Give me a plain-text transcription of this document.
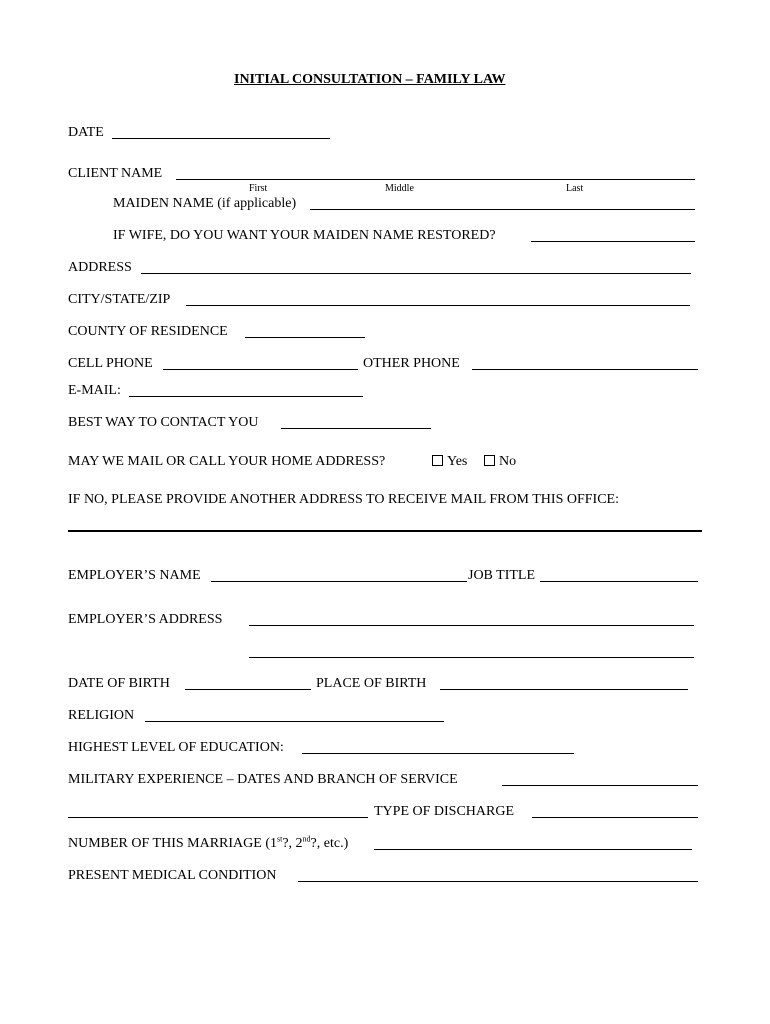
INITIAL CONSULTATION – FAMILY LAW
DATE
CLIENT NAME
First	Middle	Last
MAIDEN NAME (if applicable)
IF WIFE, DO YOU WANT YOUR MAIDEN NAME RESTORED?
ADDRESS
CITY/STATE/ZIP
COUNTY OF RESIDENCE
CELL PHONE	OTHER PHONE
E-MAIL:
BEST WAY TO CONTACT YOU
MAY WE MAIL OR CALL YOUR HOME ADDRESS?	Yes	No
IF NO, PLEASE PROVIDE ANOTHER ADDRESS TO RECEIVE MAIL FROM THIS OFFICE:
EMPLOYER’S NAME	JOB TITLE
EMPLOYER’S ADDRESS
DATE OF BIRTH	PLACE OF BIRTH
RELIGION
HIGHEST LEVEL OF EDUCATION:
MILITARY EXPERIENCE – DATES AND BRANCH OF SERVICE
TYPE OF DISCHARGE
NUMBER OF THIS MARRIAGE (1st?, 2nd?, etc.)
PRESENT MEDICAL CONDITION
